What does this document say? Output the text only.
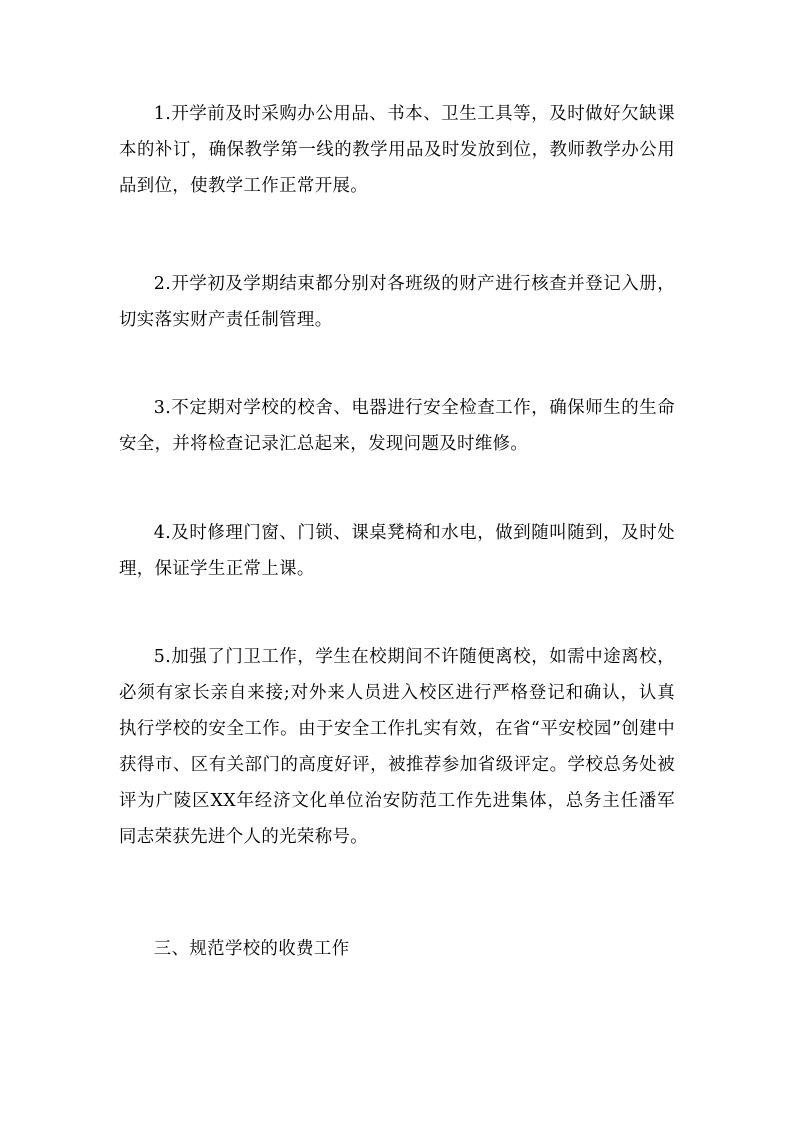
1.开学前及时采购办公用品、书本、卫生工具等，及时做好欠缺课本的补订，确保教学第一线的教学用品及时发放到位，教师教学办公用品到位，使教学工作正常开展。

2.开学初及学期结束都分别对各班级的财产进行核查并登记入册，切实落实财产责任制管理。

3.不定期对学校的校舍、电器进行安全检查工作，确保师生的生命安全，并将检查记录汇总起来，发现问题及时维修。

4.及时修理门窗、门锁、课桌凳椅和水电，做到随叫随到，及时处理，保证学生正常上课。

5.加强了门卫工作，学生在校期间不许随便离校，如需中途离校，必须有家长亲自来接;对外来人员进入校区进行严格登记和确认，认真执行学校的安全工作。由于安全工作扎实有效，在省“平安校园”创建中获得市、区有关部门的高度好评，被推荐参加省级评定。学校总务处被评为广陵区XX年经济文化单位治安防范工作先进集体，总务主任潘军同志荣获先进个人的光荣称号。

三、规范学校的收费工作
